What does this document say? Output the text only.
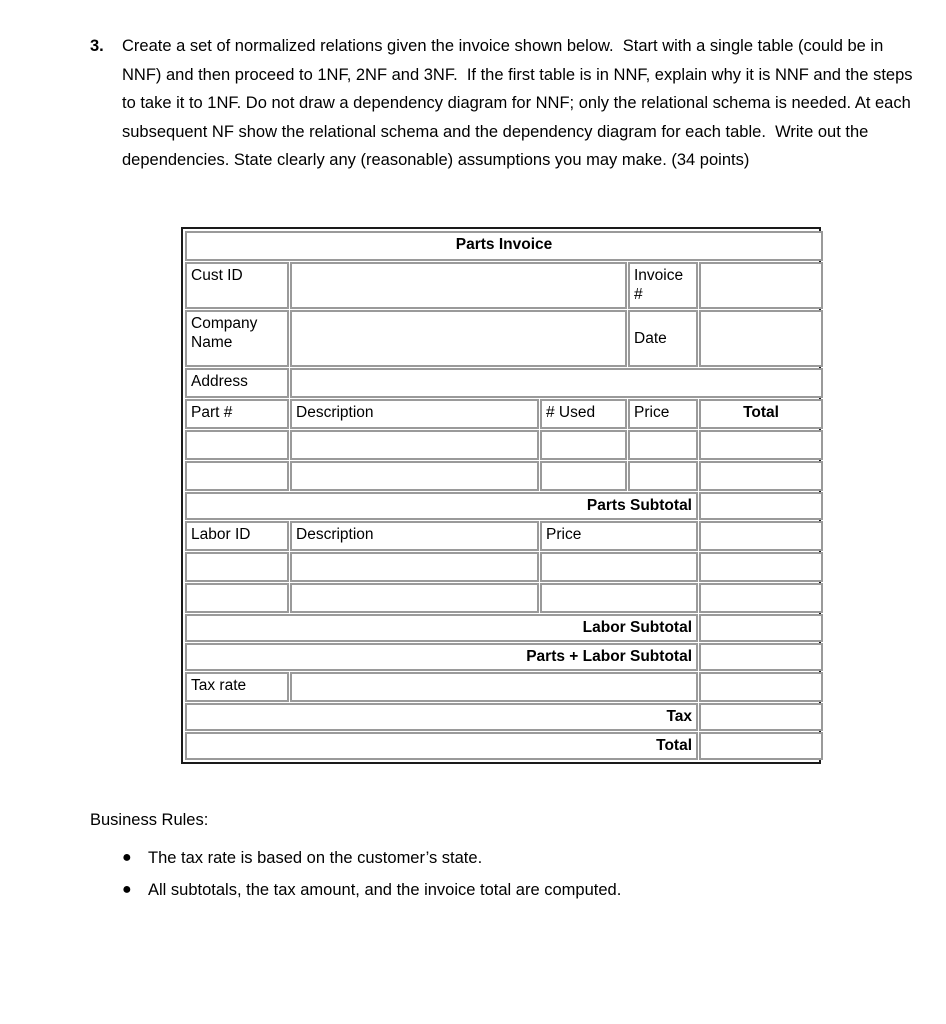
3.	Create a set of normalized relations given the invoice shown below.  Start with a single table (could be in NNF) and then proceed to 1NF, 2NF and 3NF.  If the first table is in NNF, explain why it is NNF and the steps to take it to 1NF. Do not draw a dependency diagram for NNF; only the relational schema is needed. At each subsequent NF show the relational schema and the dependency diagram for each table.  Write out the dependencies. State clearly any (reasonable) assumptions you may make. (34 points)
Parts Invoice				
Cust ID			Invoice #	
Company Name			Date	
Address				
Part #	Description	# Used	Price	Total

Parts Subtotal				
Labor ID	Description	Price		

Labor Subtotal				
Parts + Labor Subtotal				
Tax rate				
Tax				
Total				
Business Rules:
● The tax rate is based on the customer’s state.
● All subtotals, the tax amount, and the invoice total are computed.
